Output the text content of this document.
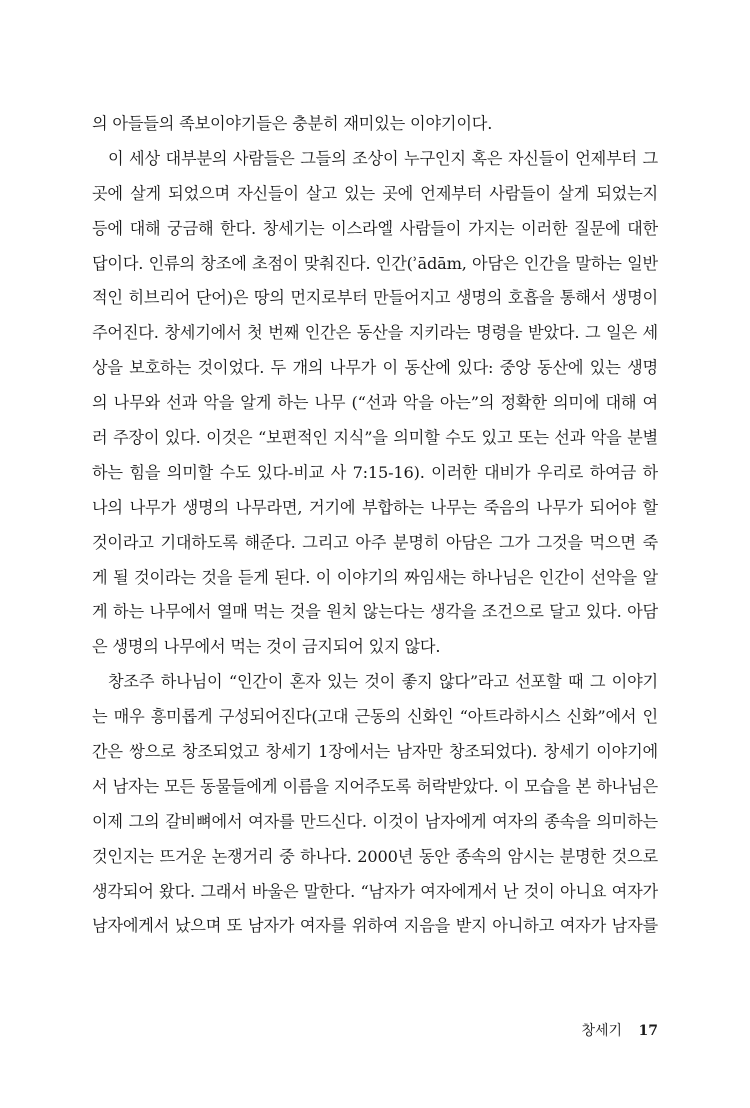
의 아들들의 족보이야기들은 충분히 재미있는 이야기이다.
이 세상 대부분의 사람들은 그들의 조상이 누구인지 혹은 자신들이 언제부터 그
곳에 살게 되었으며 자신들이 살고 있는 곳에 언제부터 사람들이 살게 되었는지
등에 대해 궁금해 한다. 창세기는 이스라엘 사람들이 가지는 이러한 질문에 대한
답이다. 인류의 창조에 초점이 맞춰진다. 인간(ʾādām, 아담은 인간을 말하는 일반
적인 히브리어 단어)은 땅의 먼지로부터 만들어지고 생명의 호흡을 통해서 생명이
주어진다. 창세기에서 첫 번째 인간은 동산을 지키라는 명령을 받았다. 그 일은 세
상을 보호하는 것이었다. 두 개의 나무가 이 동산에 있다: 중앙 동산에 있는 생명
의 나무와 선과 악을 알게 하는 나무 (“선과 악을 아는”의 정확한 의미에 대해 여
러 주장이 있다. 이것은 “보편적인 지식”을 의미할 수도 있고 또는 선과 악을 분별
하는 힘을 의미할 수도 있다-비교 사 7:15-16). 이러한 대비가 우리로 하여금 하
나의 나무가 생명의 나무라면, 거기에 부합하는 나무는 죽음의 나무가 되어야 할
것이라고 기대하도록 해준다. 그리고 아주 분명히 아담은 그가 그것을 먹으면 죽
게 될 것이라는 것을 듣게 된다. 이 이야기의 짜임새는 하나님은 인간이 선악을 알
게 하는 나무에서 열매 먹는 것을 원치 않는다는 생각을 조건으로 달고 있다. 아담
은 생명의 나무에서 먹는 것이 금지되어 있지 않다.
창조주 하나님이 “인간이 혼자 있는 것이 좋지 않다”라고 선포할 때 그 이야기
는 매우 흥미롭게 구성되어진다(고대 근동의 신화인 “아트라하시스 신화”에서 인
간은 쌍으로 창조되었고 창세기 1장에서는 남자만 창조되었다). 창세기 이야기에
서 남자는 모든 동물들에게 이름을 지어주도록 허락받았다. 이 모습을 본 하나님은
이제 그의 갈비뼈에서 여자를 만드신다. 이것이 남자에게 여자의 종속을 의미하는
것인지는 뜨거운 논쟁거리 중 하나다. 2000년 동안 종속의 암시는 분명한 것으로
생각되어 왔다. 그래서 바울은 말한다. “남자가 여자에게서 난 것이 아니요 여자가
남자에게서 났으며 또 남자가 여자를 위하여 지음을 받지 아니하고 여자가 남자를
창세기 17
